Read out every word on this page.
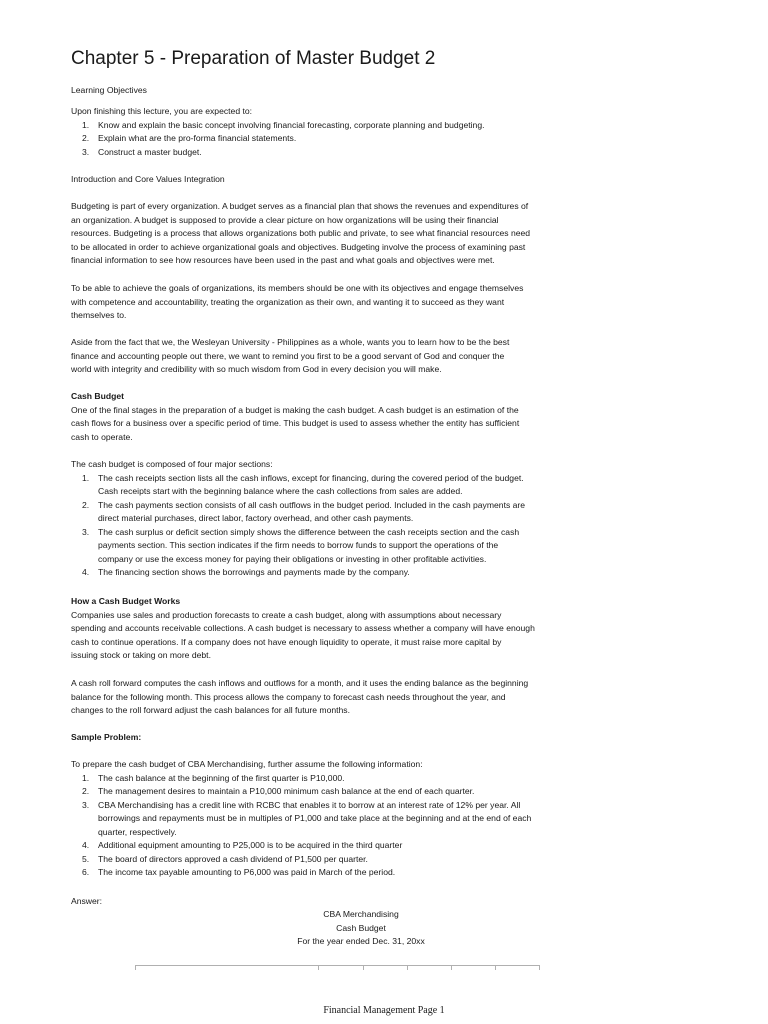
Chapter 5 - Preparation of Master Budget 2

Learning Objectives

Upon finishing this lecture, you are expected to:

1. Know and explain the basic concept involving financial forecasting, corporate planning and budgeting.
2. Explain what are the pro-forma financial statements.
3. Construct a master budget.

Introduction and Core Values Integration

Budgeting is part of every organization. A budget serves as a financial plan that shows the revenues and expenditures of

an organization. A budget is supposed to provide a clear picture on how organizations will be using their financial

resources. Budgeting is a process that allows organizations both public and private, to see what financial resources need

to be allocated in order to achieve organizational goals and objectives. Budgeting involve the process of examining past

financial information to see how resources have been used in the past and what goals and objectives were met.

To be able to achieve the goals of organizations, its members should be one with its objectives and engage themselves

with competence and accountability, treating the organization as their own, and wanting it to succeed as they want

themselves to.

Aside from the fact that we, the Wesleyan University - Philippines as a whole, wants you to learn how to be the best

finance and accounting people out there, we want to remind you first to be a good servant of God and conquer the

world with integrity and credibility with so much wisdom from God in every decision you will make.

Cash Budget

One of the final stages in the preparation of a budget is making the cash budget. A cash budget is an estimation of the

cash flows for a business over a specific period of time. This budget is used to assess whether the entity has sufficient

cash to operate.

The cash budget is composed of four major sections:

1. The cash receipts section lists all the cash inflows, except for financing, during the covered period of the budget.
Cash receipts start with the beginning balance where the cash collections from sales are added.
2. The cash payments section consists of all cash outflows in the budget period. Included in the cash payments are
direct material purchases, direct labor, factory overhead, and other cash payments.
3. The cash surplus or deficit section simply shows the difference between the cash receipts section and the cash
payments section. This section indicates if the firm needs to borrow funds to support the operations of the
company or use the excess money for paying their obligations or investing in other profitable activities.
4. The financing section shows the borrowings and payments made by the company.

How a Cash Budget Works

Companies use sales and production forecasts to create a cash budget, along with assumptions about necessary

spending and accounts receivable collections. A cash budget is necessary to assess whether a company will have enough

cash to continue operations. If a company does not have enough liquidity to operate, it must raise more capital by

issuing stock or taking on more debt.

A cash roll forward computes the cash inflows and outflows for a month, and it uses the ending balance as the beginning

balance for the following month. This process allows the company to forecast cash needs throughout the year, and

changes to the roll forward adjust the cash balances for all future months.

Sample Problem:

To prepare the cash budget of CBA Merchandising, further assume the following information:

1. The cash balance at the beginning of the first quarter is P10,000.
2. The management desires to maintain a P10,000 minimum cash balance at the end of each quarter.
3. CBA Merchandising has a credit line with RCBC that enables it to borrow at an interest rate of 12% per year. All
borrowings and repayments must be in multiples of P1,000 and take place at the beginning and at the end of each
quarter, respectively.
4. Additional equipment amounting to P25,000 is to be acquired in the third quarter
5. The board of directors approved a cash dividend of P1,500 per quarter.
6. The income tax payable amounting to P6,000 was paid in March of the period.

Answer:

CBA Merchandising
Cash Budget
For the year ended Dec. 31, 20xx
Financial Management Page 1
